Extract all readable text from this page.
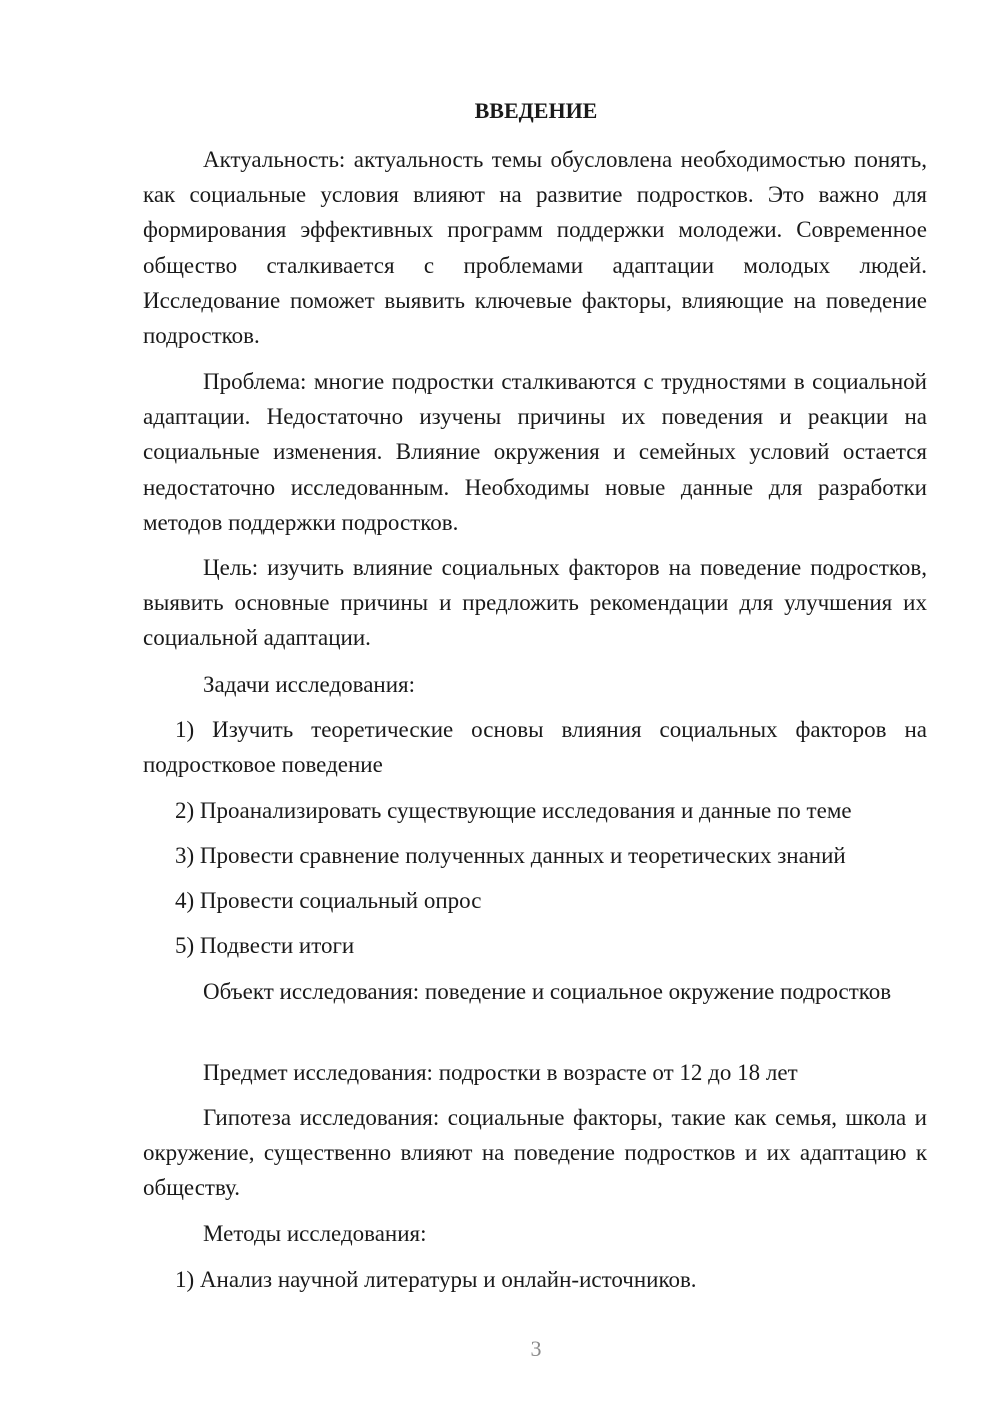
ВВЕДЕНИЕ

Актуальность: актуальность темы обусловлена необходимостью понять, как социальные условия влияют на развитие подростков. Это важно для формирования эффективных программ поддержки молодежи. Современное общество сталкивается с проблемами адаптации молодых людей. Исследование поможет выявить ключевые факторы, влияющие на поведение подростков.

Проблема: многие подростки сталкиваются с трудностями в социальной адаптации. Недостаточно изучены причины их поведения и реакции на социальные изменения. Влияние окружения и семейных условий остается недостаточно исследованным. Необходимы новые данные для разработки методов поддержки подростков.

Цель: изучить влияние социальных факторов на поведение подростков, выявить основные причины и предложить рекомендации для улучшения их социальной адаптации.

Задачи исследования:

1) Изучить теоретические основы влияния социальных факторов на подростковое поведение

2) Проанализировать существующие исследования и данные по теме

3) Провести сравнение полученных данных и теоретических знаний

4) Провести социальный опрос

5) Подвести итоги

Объект исследования: поведение и социальное окружение подростков

Предмет исследования: подростки в возрасте от 12 до 18 лет

Гипотеза исследования: социальные факторы, такие как семья, школа и окружение, существенно влияют на поведение подростков и их адаптацию к обществу.

Методы исследования:

1) Анализ научной литературы и онлайн-источников.

3
